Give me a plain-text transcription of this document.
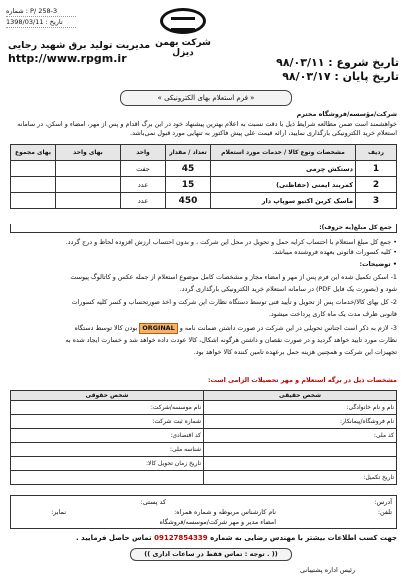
شماره : P/ 258-3
تاریخ : 1398/03/11
شرکت بهمن دیزل
مدیریت تولید برق شهید رجایی
http://www.rpgm.ir	تاریخ شروع : ۹۸/۰۳/۱۱
تاریخ پایان : ۹۸/۰۳/۱۷
« فرم استعلام بهای الکترونیکی »
شرکت/مؤسسه/فروشگاه محترم
خواهشمند است ضمن مطالعه شرایط ذیل با دقت نسبت به اعلام بهترین پیشنهاد خود در این برگ اقدام و پس از مهر، امضاء و اسکن، در سامانه
استعلام خرید الکترونیکی بارگذاری نمایید، ارائه قیمت علی پیش فاکتور به تنهایی مورد قبول نمی‌باشد.
ردیف	مشخصات ونوع کالا / خدمات مورد استعلام	تعداد / مقدار	واحد	بهای واحد	بهای مجموع
1	دستکش چرمی	45	جفت		
2	کمربند ایمنی (حفاظتی)	15	عدد		
3	ماسک کربن اکتیو سوپاپ دار	450	عدد		
جمع کل مبلغ(به حروف):
• جمع کل مبلغ استعلام با احتساب کرایه حمل و تحویل در محل این شرکت ، و بدون احتساب ارزش افزوده لحاظ و درج گردد.
• کلیه کسورات قانونی بعهده فروشنده میباشد.
• توضیحات:
1- اسکن تکمیل شده این فرم پس از مهر و امضاء مجاز و مشخصات کامل موضوع استعلام از جمله عکس و کاتالوگ پیوست
شود و (بصورت یک فایل PDF) در سامانه استعلام خرید الکترونیکی بارگذاری گردد.
2- کل بهای کالا/خدمات پس از تحویل و تأیید فنی توسط دستگاه نظارت این شرکت و اخذ صورتحساب و کسر کلیه کسورات
قانونی ظرف مدت یک ماه کاری پرداخت میشود.
3- لازم به ذکر است اجناس تحویلی در این شرکت در صورت داشتن ضمانت نامه و ORGINAL بودن کالا توسط دستگاه
نظارت مورد تایید خواهد گردید و در صورت نقصان و داشتن هرگونه اشکال، کالا عودت داده خواهد شد و خسارت ایجاد شده به
تجهیزات این شرکت و همچنین هزینه حمل برعهده تامین کننده کالا خواهد بود.
مشخصات ذیل در برگه استعلام و مهر تحصیلات الزامی است:
شخص حقیقی	شخص حقوقی
نام و نام خانوادگی:	نام موسسه/شرکت:
نام فروشگاه/پیمانکار:	شماره ثبت شرکت:
کد ملی:	کد اقتصادی:
	شناسه ملی:
	تاریخ زمان تحویل کالا:
تاریخ تکمیل:	
آدرس:
کد پستی:
تلفن:
نام کارشناس مربوطه و شماره همراه:
نمابر:
امضاء مدیر و مهر شرکت/موسسه/فروشگاه
جهت کسب اطلاعات بیشتر با مهندس رضایی به شماره 09127854339 تماس حاصل فرمایید .
(( توجه : تماس فقط در ساعات اداری . ))
رئیس اداره پشتیبانی
